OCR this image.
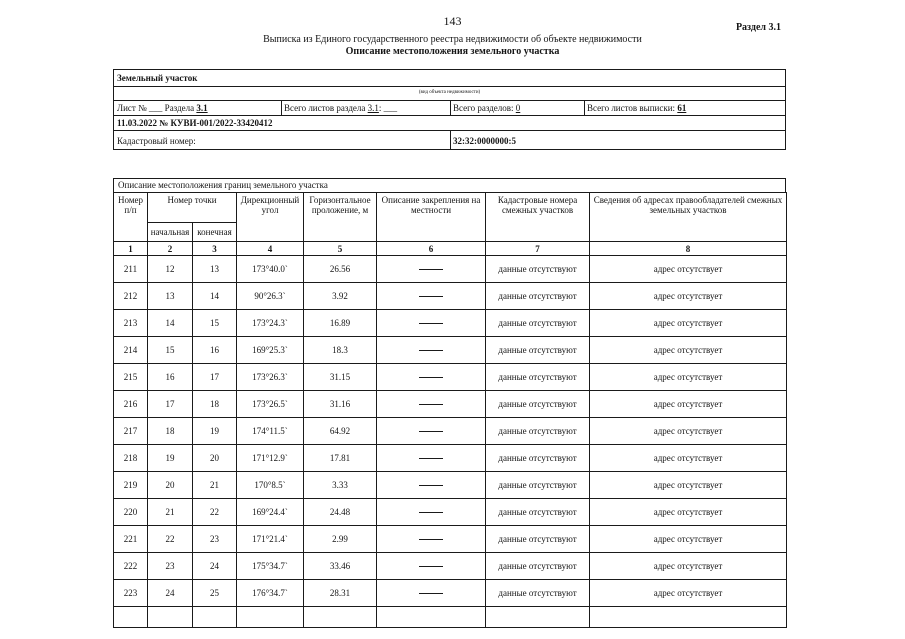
143	Раздел 3.1
Выписка из Единого государственного реестра недвижимости об объекте недвижимости
Описание местоположения земельного участка
Земельный участок
(вид объекта недвижимости)
Лист № ___ Раздела 3.1	Всего листов раздела 3.1: ___	Всего разделов: 0	Всего листов выписки: 61
11.03.2022 № КУВИ-001/2022-33420412
Кадастровый номер:	32:32:0000000:5
Описание местоположения границ земельного участка
Номер п/п	Номер точки		Дирекционный угол	Горизонтальное проложение, м	Описание закрепления на местности	Кадастровые номера смежных участков	Сведения об адресах правообладателей смежных земельных участков
	начальная	конечная					
1	2	3	4	5	6	7	8
211	12	13	173°40.0`	26.56		данные отсутствуют	адрес отсутствует
212	13	14	90°26.3`	3.92		данные отсутствуют	адрес отсутствует
213	14	15	173°24.3`	16.89		данные отсутствуют	адрес отсутствует
214	15	16	169°25.3`	18.3		данные отсутствуют	адрес отсутствует
215	16	17	173°26.3`	31.15		данные отсутствуют	адрес отсутствует
216	17	18	173°26.5`	31.16		данные отсутствуют	адрес отсутствует
217	18	19	174°11.5`	64.92		данные отсутствуют	адрес отсутствует
218	19	20	171°12.9`	17.81		данные отсутствуют	адрес отсутствует
219	20	21	170°8.5`	3.33		данные отсутствуют	адрес отсутствует
220	21	22	169°24.4`	24.48		данные отсутствуют	адрес отсутствует
221	22	23	171°21.4`	2.99		данные отсутствуют	адрес отсутствует
222	23	24	175°34.7`	33.46		данные отсутствуют	адрес отсутствует
223	24	25	176°34.7`	28.31		данные отсутствуют	адрес отсутствует
